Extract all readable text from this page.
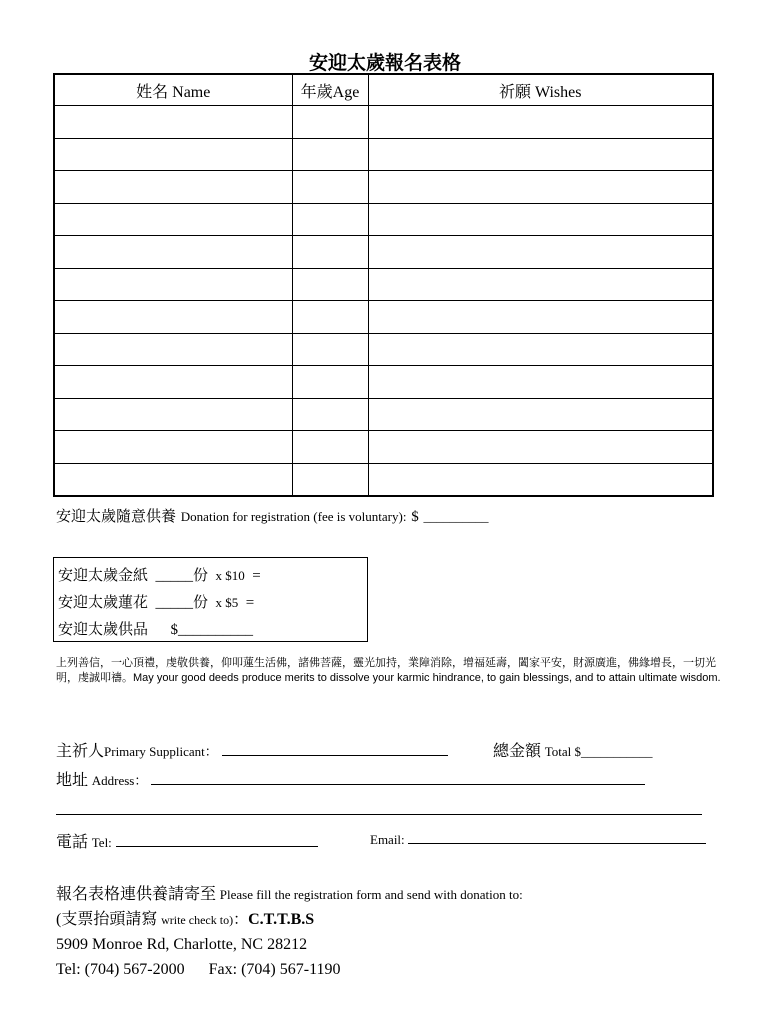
安迎太歲報名表格
姓名 Name	年歲Age	祈願 Wishes

安迎太歲隨意供養 Donation for registration (fee is voluntary): $ __________
安迎太歲金紙 _____份 x $10 =
安迎太歲蓮花 _____份 x $5 =
安迎太歲供品 $__________
上列善信，一心頂禮，虔敬供養，仰叩蓮生活佛，諸佛菩薩，靈光加持，業障消除，增福延壽，闔家平安，財源廣進，佛緣增長，一切光明，虔誠叩禱。May your good deeds produce merits to dissolve your karmic hindrance, to gain blessings, and to attain ultimate wisdom.
主祈人Primary Supplicant：	總金額 Total $___________
地址 Address：
電話 Tel:	Email:
報名表格連供養請寄至 Please fill the registration form and send with donation to:
(支票抬頭請寫 write check to)：C.T.T.B.S
5909 Monroe Rd, Charlotte, NC 28212
Tel: (704) 567-2000 Fax: (704) 567-1190
